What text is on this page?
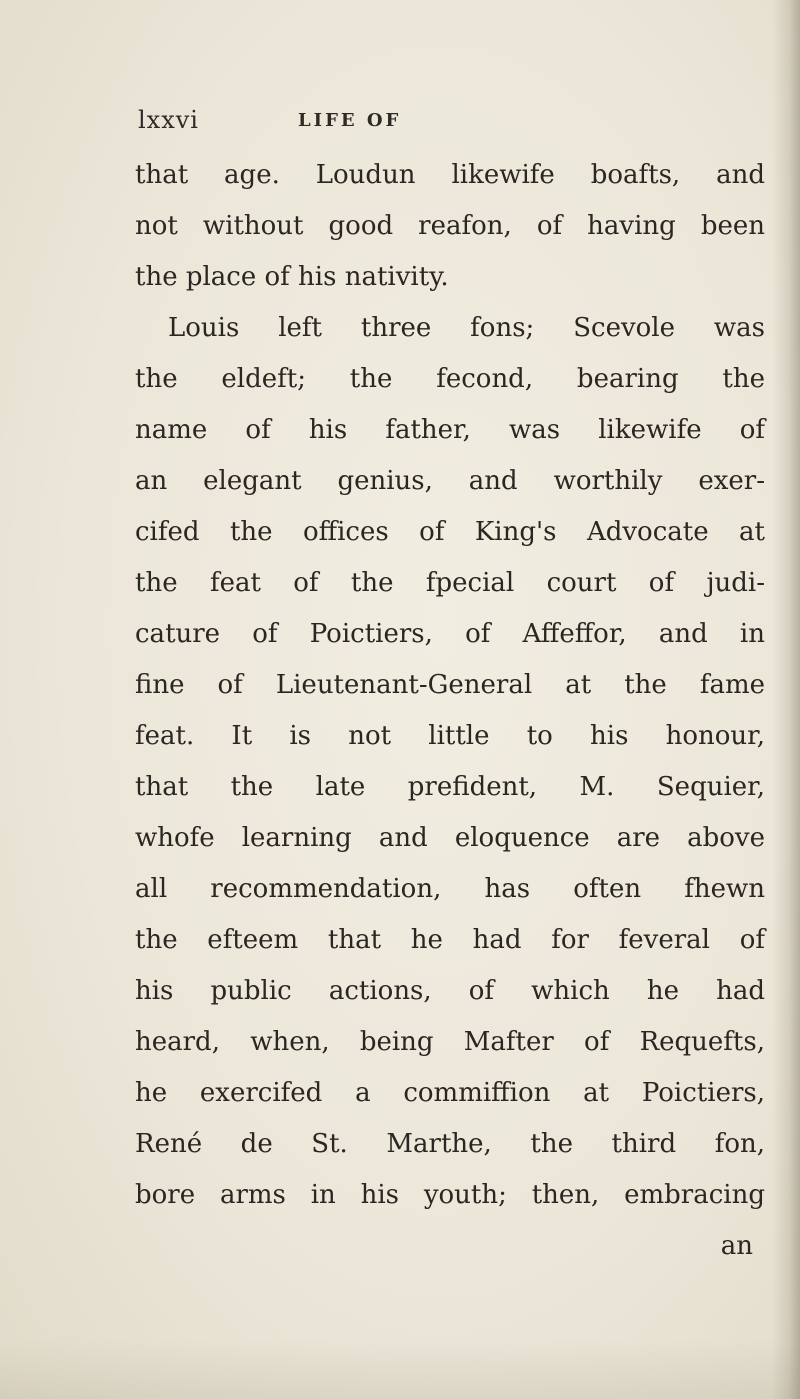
lxxvi	LIFE OF
that age. Loudun likewife boafts, and
not without good reafon, of having been
the place of his nativity.
Louis left three fons; Scevole was
the eldeft; the fecond, bearing the
name of his father, was likewife of
an elegant genius, and worthily exer-
cifed the offices of King's Advocate at
the feat of the fpecial court of judi-
cature of Poictiers, of Affeffor, and in
fine of Lieutenant-General at the fame
feat. It is not little to his honour,
that the late prefident, M. Sequier,
whofe learning and eloquence are above
all recommendation, has often fhewn
the efteem that he had for feveral of
his public actions, of which he had
heard, when, being Mafter of Requefts,
he exercifed a commiffion at Poictiers,
René de St. Marthe, the third fon,
bore arms in his youth; then, embracing
an
